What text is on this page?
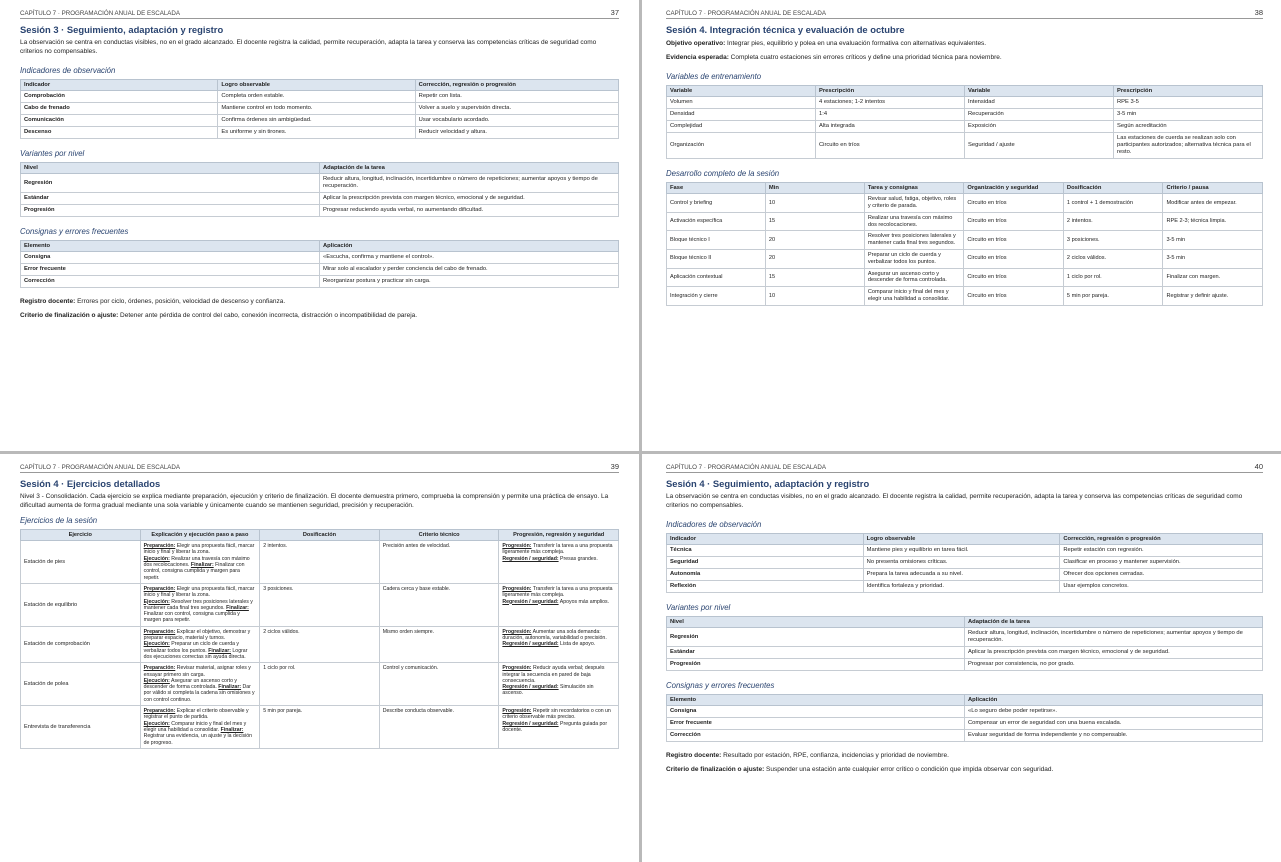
CAPÍTULO 7 · PROGRAMACIÓN ANUAL DE ESCALADA	37
Sesión 3 · Seguimiento, adaptación y registro
La observación se centra en conductas visibles, no en el grado alcanzado. El docente registra la calidad, permite recuperación, adapta la tarea y conserva las competencias críticas de seguridad como criterios no compensables.
Indicadores de observación
Indicador	Logro observable	Corrección, regresión o progresión
Comprobación	Completa orden estable.	Repetir con lista.
Cabo de frenado	Mantiene control en todo momento.	Volver a suelo y supervisión directa.
Comunicación	Confirma órdenes sin ambigüedad.	Usar vocabulario acordado.
Descenso	Es uniforme y sin tirones.	Reducir velocidad y altura.
Variantes por nivel
Nivel	Adaptación de la tarea
Regresión	Reducir altura, longitud, inclinación, incertidumbre o número de repeticiones; aumentar apoyos y tiempo de recuperación.
Estándar	Aplicar la prescripción prevista con margen técnico, emocional y de seguridad.
Progresión	Progresar reduciendo ayuda verbal, no aumentando dificultad.
Consignas y errores frecuentes
Elemento	Aplicación
Consigna	«Escucha, confirma y mantiene el control».
Error frecuente	Mirar solo al escalador y perder conciencia del cabo de frenado.
Corrección	Reorganizar postura y practicar sin carga.
Registro docente: Errores por ciclo, órdenes, posición, velocidad de descenso y confianza.
Criterio de finalización o ajuste: Detener ante pérdida de control del cabo, conexión incorrecta, distracción o incompatibilidad de pareja.
CAPÍTULO 7 · PROGRAMACIÓN ANUAL DE ESCALADA	38
Sesión 4. Integración técnica y evaluación de octubre
Objetivo operativo: Integrar pies, equilibrio y polea en una evaluación formativa con alternativas equivalentes.
Evidencia esperada: Completa cuatro estaciones sin errores críticos y define una prioridad técnica para noviembre.
Variables de entrenamiento
Variable	Prescripción	Variable	Prescripción
Volumen	4 estaciones; 1-2 intentos	Intensidad	RPE 3-5
Densidad	1:4	Recuperación	3-5 min
Complejidad	Alta integrada	Exposición	Según acreditación
Organización	Circuito en tríos	Seguridad / ajuste	Las estaciones de cuerda se realizan solo con participantes autorizados; alternativa técnica para el resto.
Desarrollo completo de la sesión
Fase	Min	Tarea y consignas	Organización y seguridad	Dosificación	Criterio / pausa
Control y briefing	10	Revisar salud, fatiga, objetivo, roles y criterio de parada.	Circuito en tríos	1 control + 1 demostración	Modificar antes de empezar.
Activación específica	15	Realizar una travesía con máximo dos recolocaciones.	Circuito en tríos	2 intentos.	RPE 2-3; técnica limpia.
Bloque técnico I	20	Resolver tres posiciones laterales y mantener cada final tres segundos.	Circuito en tríos	3 posiciones.	3-5 min
Bloque técnico II	20	Preparar un ciclo de cuerda y verbalizar todos los puntos.	Circuito en tríos	2 ciclos válidos.	3-5 min
Aplicación contextual	15	Asegurar un ascenso corto y descender de forma controlada.	Circuito en tríos	1 ciclo por rol.	Finalizar con margen.
Integración y cierre	10	Comparar inicio y final del mes y elegir una habilidad a consolidar.	Circuito en tríos	5 min por pareja.	Registrar y definir ajuste.
CAPÍTULO 7 · PROGRAMACIÓN ANUAL DE ESCALADA	39
Sesión 4 · Ejercicios detallados
Nivel 3 - Consolidación. Cada ejercicio se explica mediante preparación, ejecución y criterio de finalización. El docente demuestra primero, comprueba la comprensión y permite una práctica de ensayo. La dificultad aumenta de forma gradual mediante una sola variable y únicamente cuando se mantienen seguridad, precisión y recuperación.
Ejercicios de la sesión
Ejercicio	Explicación y ejecución paso a paso	Dosificación	Criterio técnico	Progresión, regresión y seguridad
Estación de pies	Preparación: Elegir una propuesta fácil, marcar inicio y final y liberar la zona.
Ejecución: Realizar una travesía con máximo dos recolocaciones. Finalizar: Finalizar con control, consigna cumplida y margen para repetir.	2 intentos.	Precisión antes de velocidad.	Progresión: Transferir la tarea a una propuesta ligeramente más compleja.
Regresión / seguridad: Presas grandes.
Estación de equilibrio	Preparación: Elegir una propuesta fácil, marcar inicio y final y liberar la zona.
Ejecución: Resolver tres posiciones laterales y mantener cada final tres segundos. Finalizar: Finalizar con control, consigna cumplida y margen para repetir.	3 posiciones.	Cadera cerca y base estable.	Progresión: Transferir la tarea a una propuesta ligeramente más compleja.
Regresión / seguridad: Apoyos más amplios.
Estación de comprobación	Preparación: Explicar el objetivo, demostrar y preparar espacio, material y turnos.
Ejecución: Preparar un ciclo de cuerda y verbalizar todos los puntos. Finalizar: Lograr dos ejecuciones correctas sin ayuda directa.	2 ciclos válidos.	Mismo orden siempre.	Progresión: Aumentar una sola demanda: duración, autonomía, variabilidad o precisión.
Regresión / seguridad: Lista de apoyo.
Estación de polea	Preparación: Revisar material, asignar roles y ensayar primero sin carga.
Ejecución: Asegurar un ascenso corto y descender de forma controlada. Finalizar: Dar por válido si completa la cadena sin omisiones y con control continuo.	1 ciclo por rol.	Control y comunicación.	Progresión: Reducir ayuda verbal; después integrar la secuencia en pared de baja consecuencia.
Regresión / seguridad: Simulación sin ascenso.
Entrevista de transferencia	Preparación: Explicar el criterio observable y registrar el punto de partida.
Ejecución: Comparar inicio y final del mes y elegir una habilidad a consolidar. Finalizar: Registrar una evidencia, un ajuste y la decisión de progreso.	5 min por pareja.	Describe conducta observable.	Progresión: Repetir sin recordatorios o con un criterio observable más preciso.
Regresión / seguridad: Pregunta guiada por docente.
CAPÍTULO 7 · PROGRAMACIÓN ANUAL DE ESCALADA	40
Sesión 4 · Seguimiento, adaptación y registro
La observación se centra en conductas visibles, no en el grado alcanzado. El docente registra la calidad, permite recuperación, adapta la tarea y conserva las competencias críticas de seguridad como criterios no compensables.
Indicadores de observación
Indicador	Logro observable	Corrección, regresión o progresión
Técnica	Mantiene pies y equilibrio en tarea fácil.	Repetir estación con regresión.
Seguridad	No presenta omisiones críticas.	Clasificar en proceso y mantener supervisión.
Autonomía	Prepara la tarea adecuada a su nivel.	Ofrecer dos opciones cerradas.
Reflexión	Identifica fortaleza y prioridad.	Usar ejemplos concretos.
Variantes por nivel
Nivel	Adaptación de la tarea
Regresión	Reducir altura, longitud, inclinación, incertidumbre o número de repeticiones; aumentar apoyos y tiempo de recuperación.
Estándar	Aplicar la prescripción prevista con margen técnico, emocional y de seguridad.
Progresión	Progresar por consistencia, no por grado.
Consignas y errores frecuentes
Elemento	Aplicación
Consigna	«Lo seguro debe poder repetirse».
Error frecuente	Compensar un error de seguridad con una buena escalada.
Corrección	Evaluar seguridad de forma independiente y no compensable.
Registro docente: Resultado por estación, RPE, confianza, incidencias y prioridad de noviembre.
Criterio de finalización o ajuste: Suspender una estación ante cualquier error crítico o condición que impida observar con seguridad.
